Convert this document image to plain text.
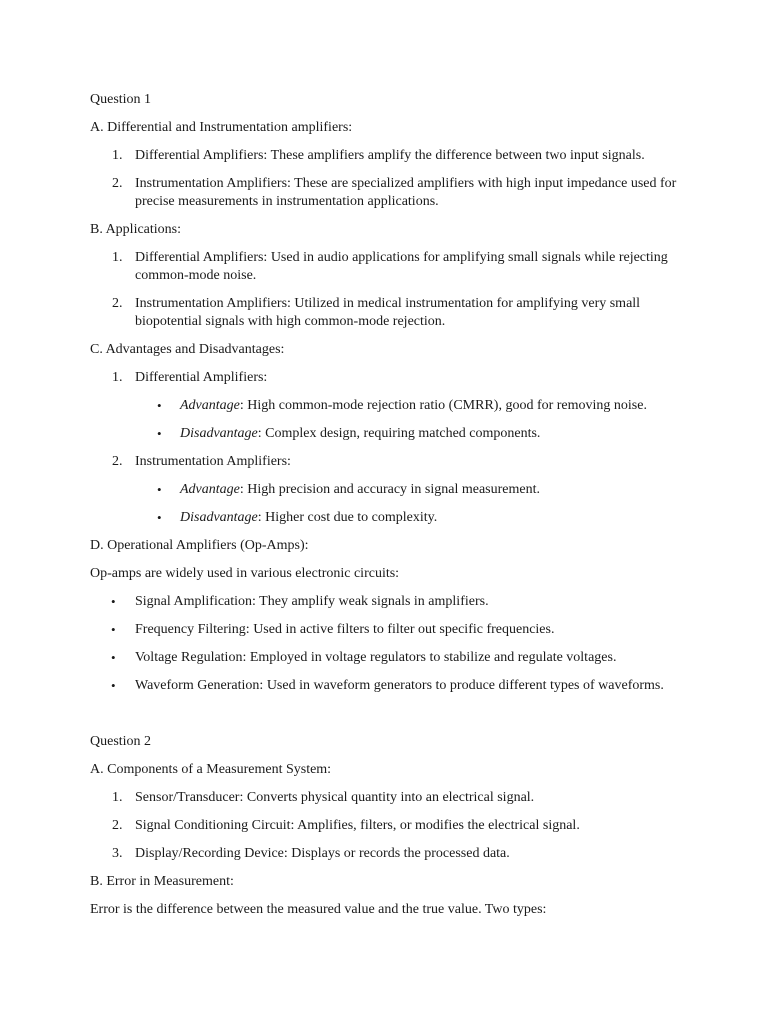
Question 1

A. Differential and Instrumentation amplifiers:

1. Differential Amplifiers: These amplifiers amplify the difference between two input signals.
2. Instrumentation Amplifiers: These are specialized amplifiers with high input impedance used for precise measurements in instrumentation applications.

B. Applications:

1. Differential Amplifiers: Used in audio applications for amplifying small signals while rejecting common-mode noise.
2. Instrumentation Amplifiers: Utilized in medical instrumentation for amplifying very small biopotential signals with high common-mode rejection.

C. Advantages and Disadvantages:

1. Differential Amplifiers:
•	Advantage: High common-mode rejection ratio (CMRR), good for removing noise.
•	Disadvantage: Complex design, requiring matched components.
2. Instrumentation Amplifiers:
•	Advantage: High precision and accuracy in signal measurement.
•	Disadvantage: Higher cost due to complexity.

D. Operational Amplifiers (Op-Amps):

Op-amps are widely used in various electronic circuits:

•	Signal Amplification: They amplify weak signals in amplifiers.
•	Frequency Filtering: Used in active filters to filter out specific frequencies.
•	Voltage Regulation: Employed in voltage regulators to stabilize and regulate voltages.
•	Waveform Generation: Used in waveform generators to produce different types of waveforms.

Question 2

A. Components of a Measurement System:

1. Sensor/Transducer: Converts physical quantity into an electrical signal.
2. Signal Conditioning Circuit: Amplifies, filters, or modifies the electrical signal.
3. Display/Recording Device: Displays or records the processed data.

B. Error in Measurement:

Error is the difference between the measured value and the true value. Two types:
